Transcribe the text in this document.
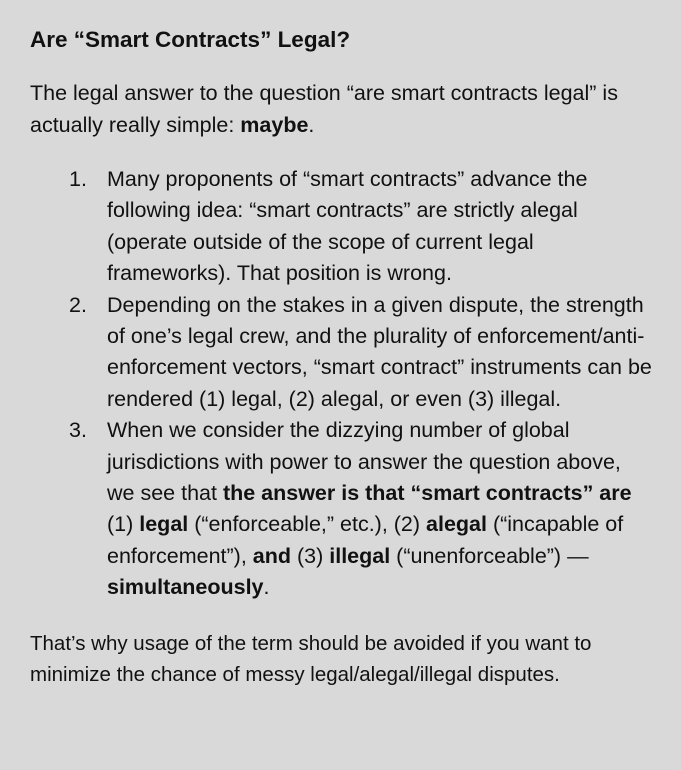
Are “Smart Contracts” Legal?

The legal answer to the question “are smart contracts legal” is actually really simple: maybe.

1. Many proponents of “smart contracts” advance the following idea: “smart contracts” are strictly alegal (operate outside of the scope of current legal frameworks). That position is wrong.
2. Depending on the stakes in a given dispute, the strength of one’s legal crew, and the plurality of enforcement/anti-enforcement vectors, “smart contract” instruments can be rendered (1) legal, (2) alegal, or even (3) illegal.
3. When we consider the dizzying number of global jurisdictions with power to answer the question above, we see that the answer is that “smart contracts” are (1) legal (“enforceable,” etc.), (2) alegal (“incapable of enforcement”), and (3) illegal (“unenforceable”) — simultaneously.

That’s why usage of the term should be avoided if you want to minimize the chance of messy legal/alegal/illegal disputes.
